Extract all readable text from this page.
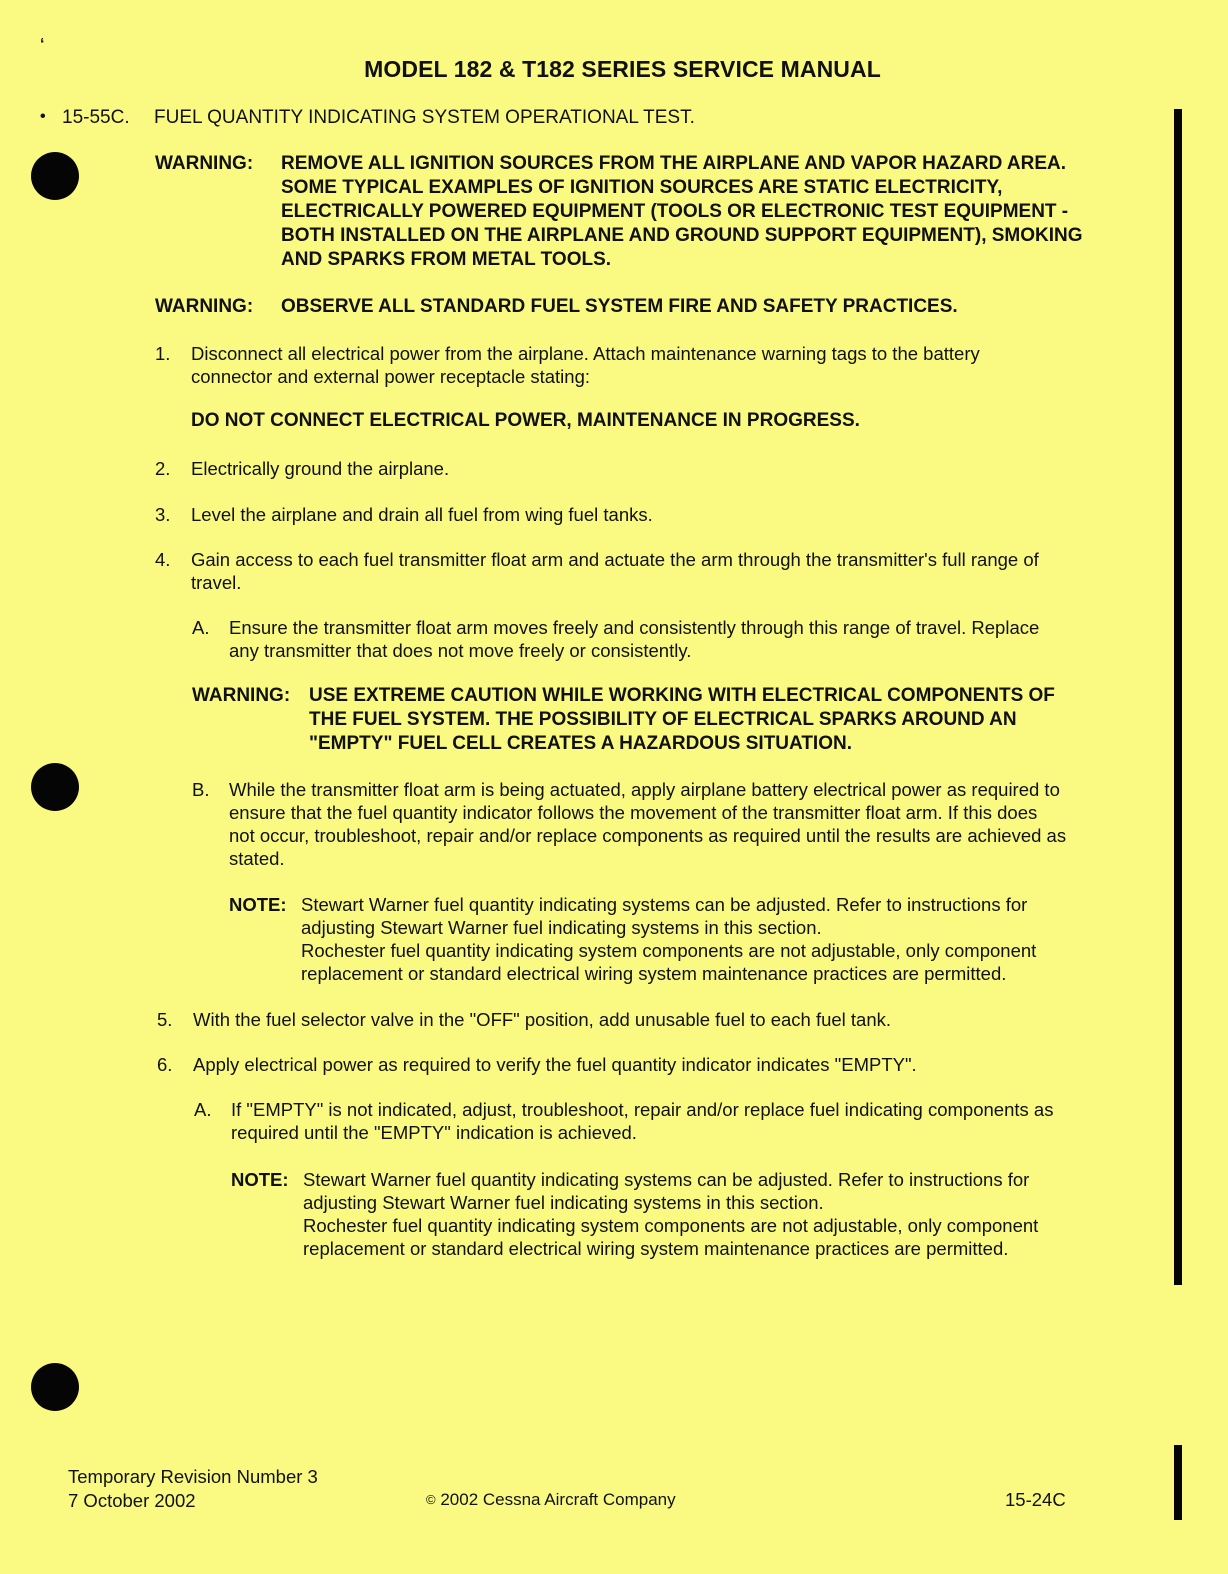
‘
•
MODEL 182 & T182 SERIES SERVICE MANUAL
15-55C. FUEL QUANTITY INDICATING SYSTEM OPERATIONAL TEST.
WARNING: REMOVE ALL IGNITION SOURCES FROM THE AIRPLANE AND VAPOR HAZARD AREA.
SOME TYPICAL EXAMPLES OF IGNITION SOURCES ARE STATIC ELECTRICITY,
ELECTRICALLY POWERED EQUIPMENT (TOOLS OR ELECTRONIC TEST EQUIPMENT -
BOTH INSTALLED ON THE AIRPLANE AND GROUND SUPPORT EQUIPMENT), SMOKING
AND SPARKS FROM METAL TOOLS.
WARNING: OBSERVE ALL STANDARD FUEL SYSTEM FIRE AND SAFETY PRACTICES.
1. Disconnect all electrical power from the airplane. Attach maintenance warning tags to the battery
connector and external power receptacle stating:
DO NOT CONNECT ELECTRICAL POWER, MAINTENANCE IN PROGRESS.
2. Electrically ground the airplane.
3. Level the airplane and drain all fuel from wing fuel tanks.
4. Gain access to each fuel transmitter float arm and actuate the arm through the transmitter's full range of
travel.
A. Ensure the transmitter float arm moves freely and consistently through this range of travel. Replace
any transmitter that does not move freely or consistently.
WARNING: USE EXTREME CAUTION WHILE WORKING WITH ELECTRICAL COMPONENTS OF
THE FUEL SYSTEM. THE POSSIBILITY OF ELECTRICAL SPARKS AROUND AN
"EMPTY" FUEL CELL CREATES A HAZARDOUS SITUATION.
B. While the transmitter float arm is being actuated, apply airplane battery electrical power as required to
ensure that the fuel quantity indicator follows the movement of the transmitter float arm. If this does
not occur, troubleshoot, repair and/or replace components as required until the results are achieved as
stated.
NOTE: Stewart Warner fuel quantity indicating systems can be adjusted. Refer to instructions for
adjusting Stewart Warner fuel indicating systems in this section.
Rochester fuel quantity indicating system components are not adjustable, only component
replacement or standard electrical wiring system maintenance practices are permitted.
5. With the fuel selector valve in the "OFF" position, add unusable fuel to each fuel tank.
6. Apply electrical power as required to verify the fuel quantity indicator indicates "EMPTY".
A. If "EMPTY" is not indicated, adjust, troubleshoot, repair and/or replace fuel indicating components as
required until the "EMPTY" indication is achieved.
NOTE: Stewart Warner fuel quantity indicating systems can be adjusted. Refer to instructions for
adjusting Stewart Warner fuel indicating systems in this section.
Rochester fuel quantity indicating system components are not adjustable, only component
replacement or standard electrical wiring system maintenance practices are permitted.
Temporary Revision Number 3
7 October 2002	© 2002 Cessna Aircraft Company	15-24C
